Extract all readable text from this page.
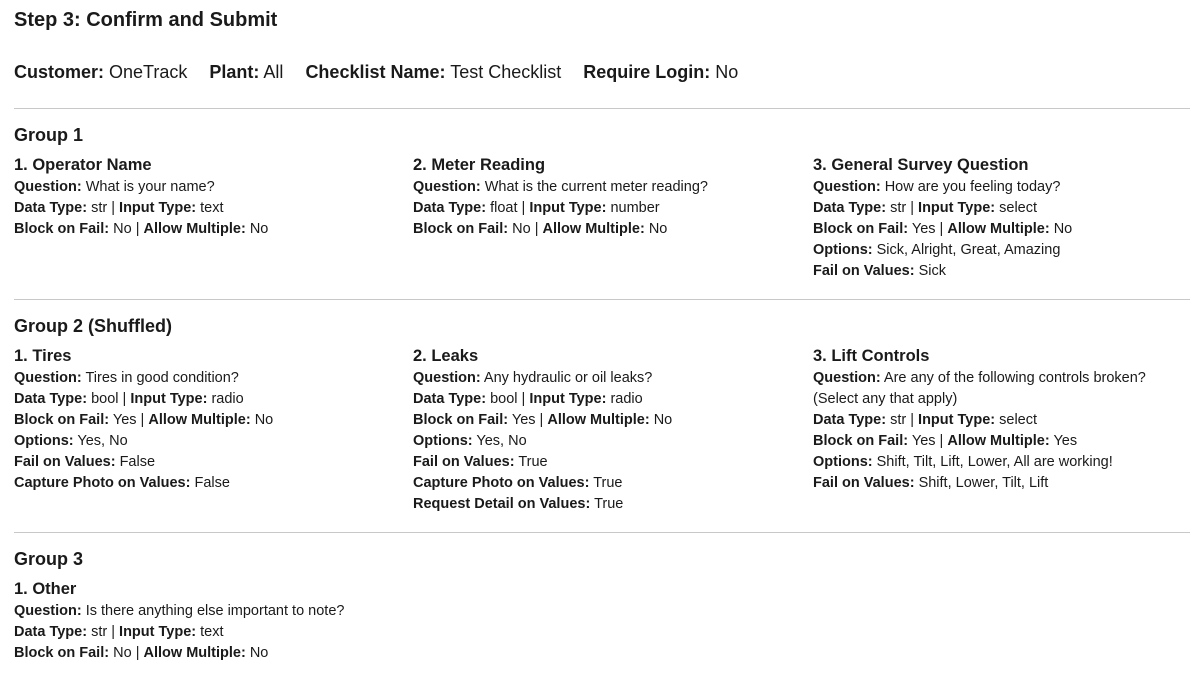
Step 3: Confirm and Submit
Customer: OneTrack Plant: All Checklist Name: Test Checklist Require Login: No
Group 1
1. Operator Name
Question: What is your name?
Data Type: str | Input Type: text
Block on Fail: No | Allow Multiple: No
2. Meter Reading
Question: What is the current meter reading?
Data Type: float | Input Type: number
Block on Fail: No | Allow Multiple: No
3. General Survey Question
Question: How are you feeling today?
Data Type: str | Input Type: select
Block on Fail: Yes | Allow Multiple: No
Options: Sick, Alright, Great, Amazing
Fail on Values: Sick
Group 2 (Shuffled)
1. Tires
Question: Tires in good condition?
Data Type: bool | Input Type: radio
Block on Fail: Yes | Allow Multiple: No
Options: Yes, No
Fail on Values: False
Capture Photo on Values: False
2. Leaks
Question: Any hydraulic or oil leaks?
Data Type: bool | Input Type: radio
Block on Fail: Yes | Allow Multiple: No
Options: Yes, No
Fail on Values: True
Capture Photo on Values: True
Request Detail on Values: True
3. Lift Controls
Question: Are any of the following controls broken? (Select any that apply)
Data Type: str | Input Type: select
Block on Fail: Yes | Allow Multiple: Yes
Options: Shift, Tilt, Lift, Lower, All are working!
Fail on Values: Shift, Lower, Tilt, Lift
Group 3
1. Other
Question: Is there anything else important to note?
Data Type: str | Input Type: text
Block on Fail: No | Allow Multiple: No
